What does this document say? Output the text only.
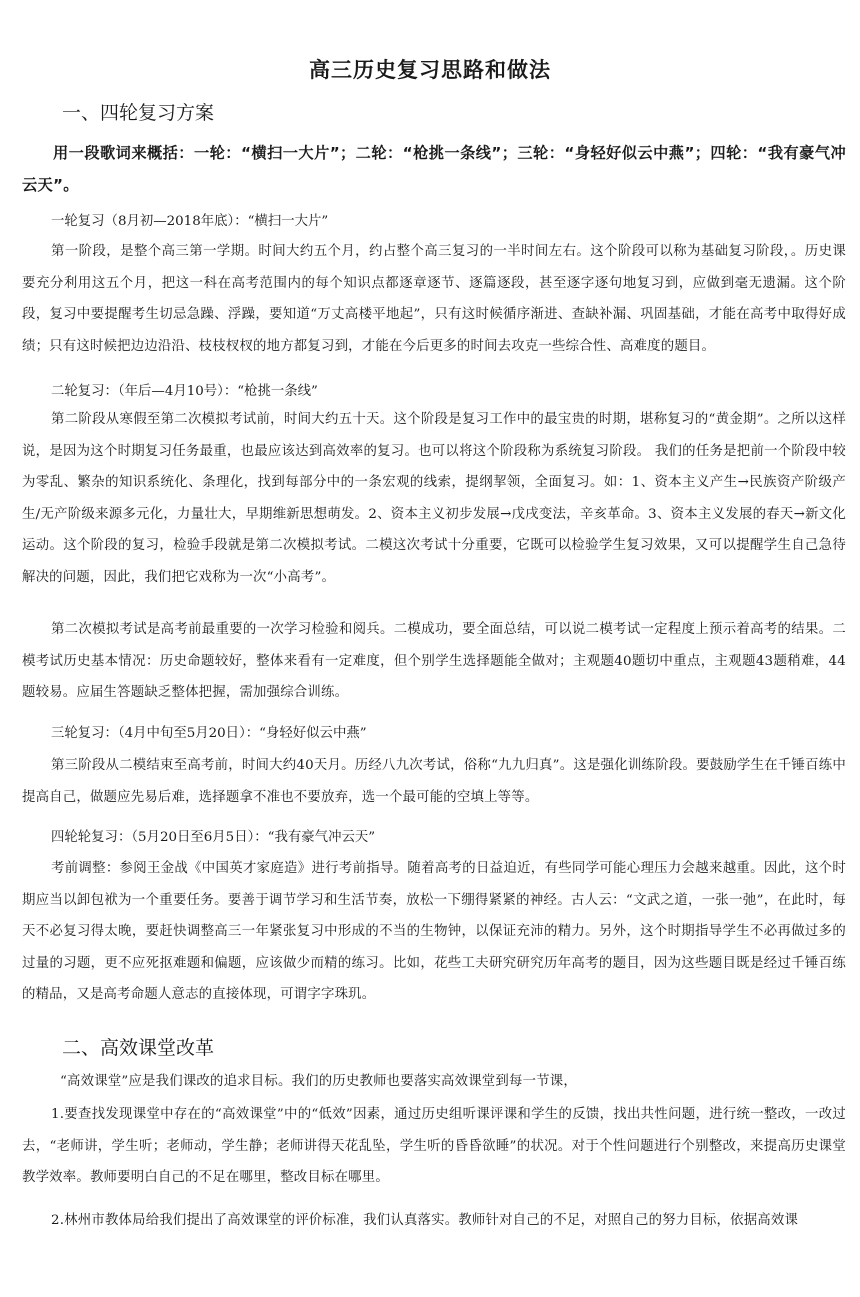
高三历史复习思路和做法
一、四轮复习方案

用一段歌词来概括：一轮：“横扫一大片”；二轮：“枪挑一条线”；三轮：“身轻好似云中燕”；四轮：“我有豪气冲云天”。

一轮复习（8月初—2018年底）：“横扫一大片”

第一阶段，是整个高三第一学期。时间大约五个月，约占整个高三复习的一半时间左右。这个阶段可以称为基础复习阶段，。历史课要充分利用这五个月，把这一科在高考范围内的每个知识点都逐章逐节、逐篇逐段，甚至逐字逐句地复习到，应做到毫无遗漏。这个阶段，复习中要提醒考生切忌急躁、浮躁，要知道“万丈高楼平地起”，只有这时候循序渐进、查缺补漏、巩固基础，才能在高考中取得好成绩；只有这时候把边边沿沿、枝枝杈杈的地方都复习到，才能在今后更多的时间去攻克一些综合性、高难度的题目。

二轮复习：（年后—4月10号）：“枪挑一条线”

第二阶段从寒假至第二次模拟考试前，时间大约五十天。这个阶段是复习工作中的最宝贵的时期，堪称复习的“黄金期”。之所以这样说，是因为这个时期复习任务最重，也最应该达到高效率的复习。也可以将这个阶段称为系统复习阶段。 我们的任务是把前一个阶段中较为零乱、繁杂的知识系统化、条理化，找到每部分中的一条宏观的线索，提纲挈领，全面复习。如：1、资本主义产生→民族资产阶级产生/无产阶级来源多元化，力量壮大，早期维新思想萌发。2、资本主义初步发展→戊戌变法，辛亥革命。3、资本主义发展的春天→新文化运动。这个阶段的复习，检验手段就是第二次模拟考试。二模这次考试十分重要，它既可以检验学生复习效果，又可以提醒学生自己急待解决的问题，因此，我们把它戏称为一次“小高考”。

第二次模拟考试是高考前最重要的一次学习检验和阅兵。二模成功，要全面总结，可以说二模考试一定程度上预示着高考的结果。二模考试历史基本情况：历史命题较好，整体来看有一定难度，但个别学生选择题能全做对；主观题40题切中重点，主观题43题稍难，44题较易。应届生答题缺乏整体把握，需加强综合训练。

三轮复习：（4月中旬至5月20日）：“身轻好似云中燕”

第三阶段从二模结束至高考前，时间大约40天月。历经八九次考试，俗称“九九归真”。这是强化训练阶段。要鼓励学生在千锤百练中提高自己，做题应先易后难，选择题拿不准也不要放弃，选一个最可能的空填上等等。

四轮轮复习：（5月20日至6月5日）：“我有豪气冲云天”

考前调整：参阅王金战《中国英才家庭造》进行考前指导。随着高考的日益迫近，有些同学可能心理压力会越来越重。因此，这个时期应当以卸包袱为一个重要任务。要善于调节学习和生活节奏，放松一下绷得紧紧的神经。古人云：“文武之道，一张一弛”，在此时，每天不必复习得太晚，要赶快调整高三一年紧张复习中形成的不当的生物钟，以保证充沛的精力。另外，这个时期指导学生不必再做过多的过量的习题，更不应死抠难题和偏题，应该做少而精的练习。比如，花些工夫研究研究历年高考的题目，因为这些题目既是经过千锤百练的精品，又是高考命题人意志的直接体现，可谓字字珠玑。

二、高效课堂改革

“高效课堂”应是我们课改的追求目标。我们的历史教师也要落实高效课堂到每一节课，

1.要查找发现课堂中存在的“高效课堂”中的“低效”因素，通过历史组听课评课和学生的反馈，找出共性问题，进行统一整改，一改过去，“老师讲，学生听；老师动，学生静；老师讲得天花乱坠，学生听的昏昏欲睡”的状况。对于个性问题进行个别整改，来提高历史课堂教学效率。教师要明白自己的不足在哪里，整改目标在哪里。

2.林州市教体局给我们提出了高效课堂的评价标准，我们认真落实。教师针对自己的不足，对照自己的努力目标，依据高效课
